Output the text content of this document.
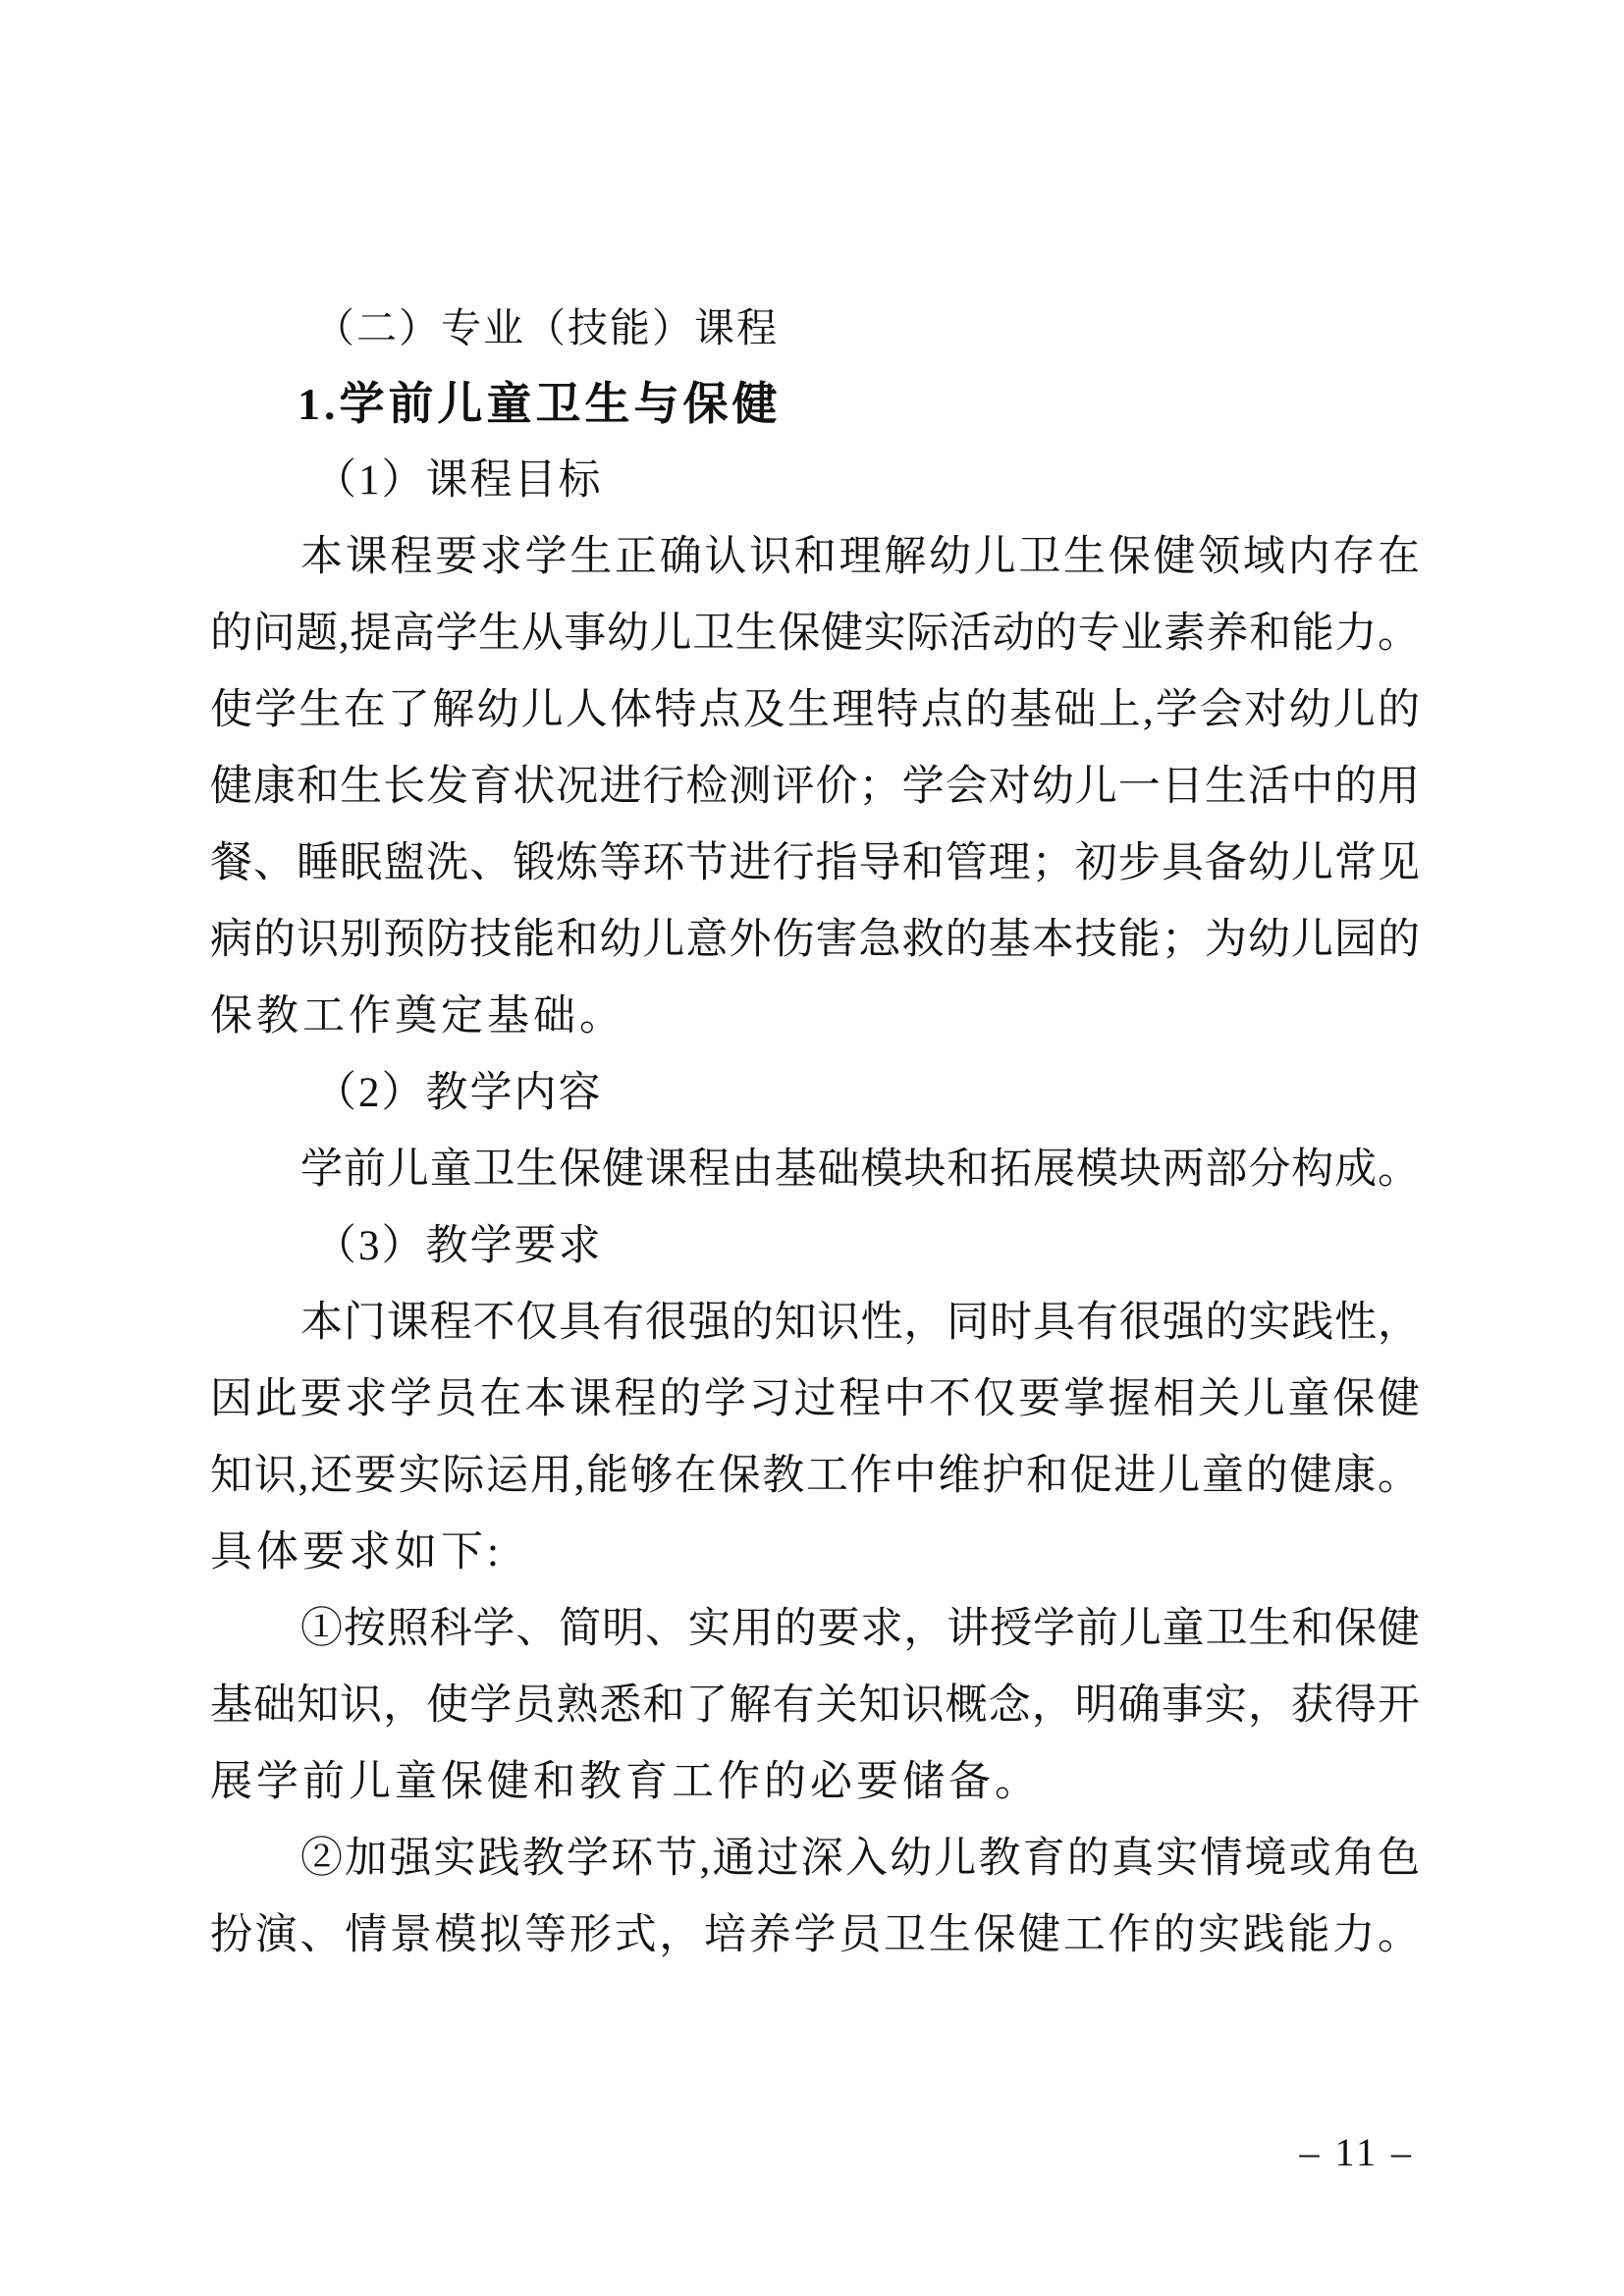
（二）专业（技能）课程
1.学前儿童卫生与保健
（1）课程目标
本课程要求学生正确认识和理解幼儿卫生保健领域内存在
的问题,提高学生从事幼儿卫生保健实际活动的专业素养和能力。
使学生在了解幼儿人体特点及生理特点的基础上,学会对幼儿的
健康和生长发育状况进行检测评价；学会对幼儿一日生活中的用
餐、睡眠盥洗、锻炼等环节进行指导和管理；初步具备幼儿常见
病的识别预防技能和幼儿意外伤害急救的基本技能；为幼儿园的
保教工作奠定基础。
（2）教学内容
学前儿童卫生保健课程由基础模块和拓展模块两部分构成。
（3）教学要求
本门课程不仅具有很强的知识性，同时具有很强的实践性，
因此要求学员在本课程的学习过程中不仅要掌握相关儿童保健
知识,还要实际运用,能够在保教工作中维护和促进儿童的健康。
具体要求如下:
①按照科学、简明、实用的要求，讲授学前儿童卫生和保健
基础知识，使学员熟悉和了解有关知识概念，明确事实，获得开
展学前儿童保健和教育工作的必要储备。
②加强实践教学环节,通过深入幼儿教育的真实情境或角色
扮演、情景模拟等形式，培养学员卫生保健工作的实践能力。
– 11 –
